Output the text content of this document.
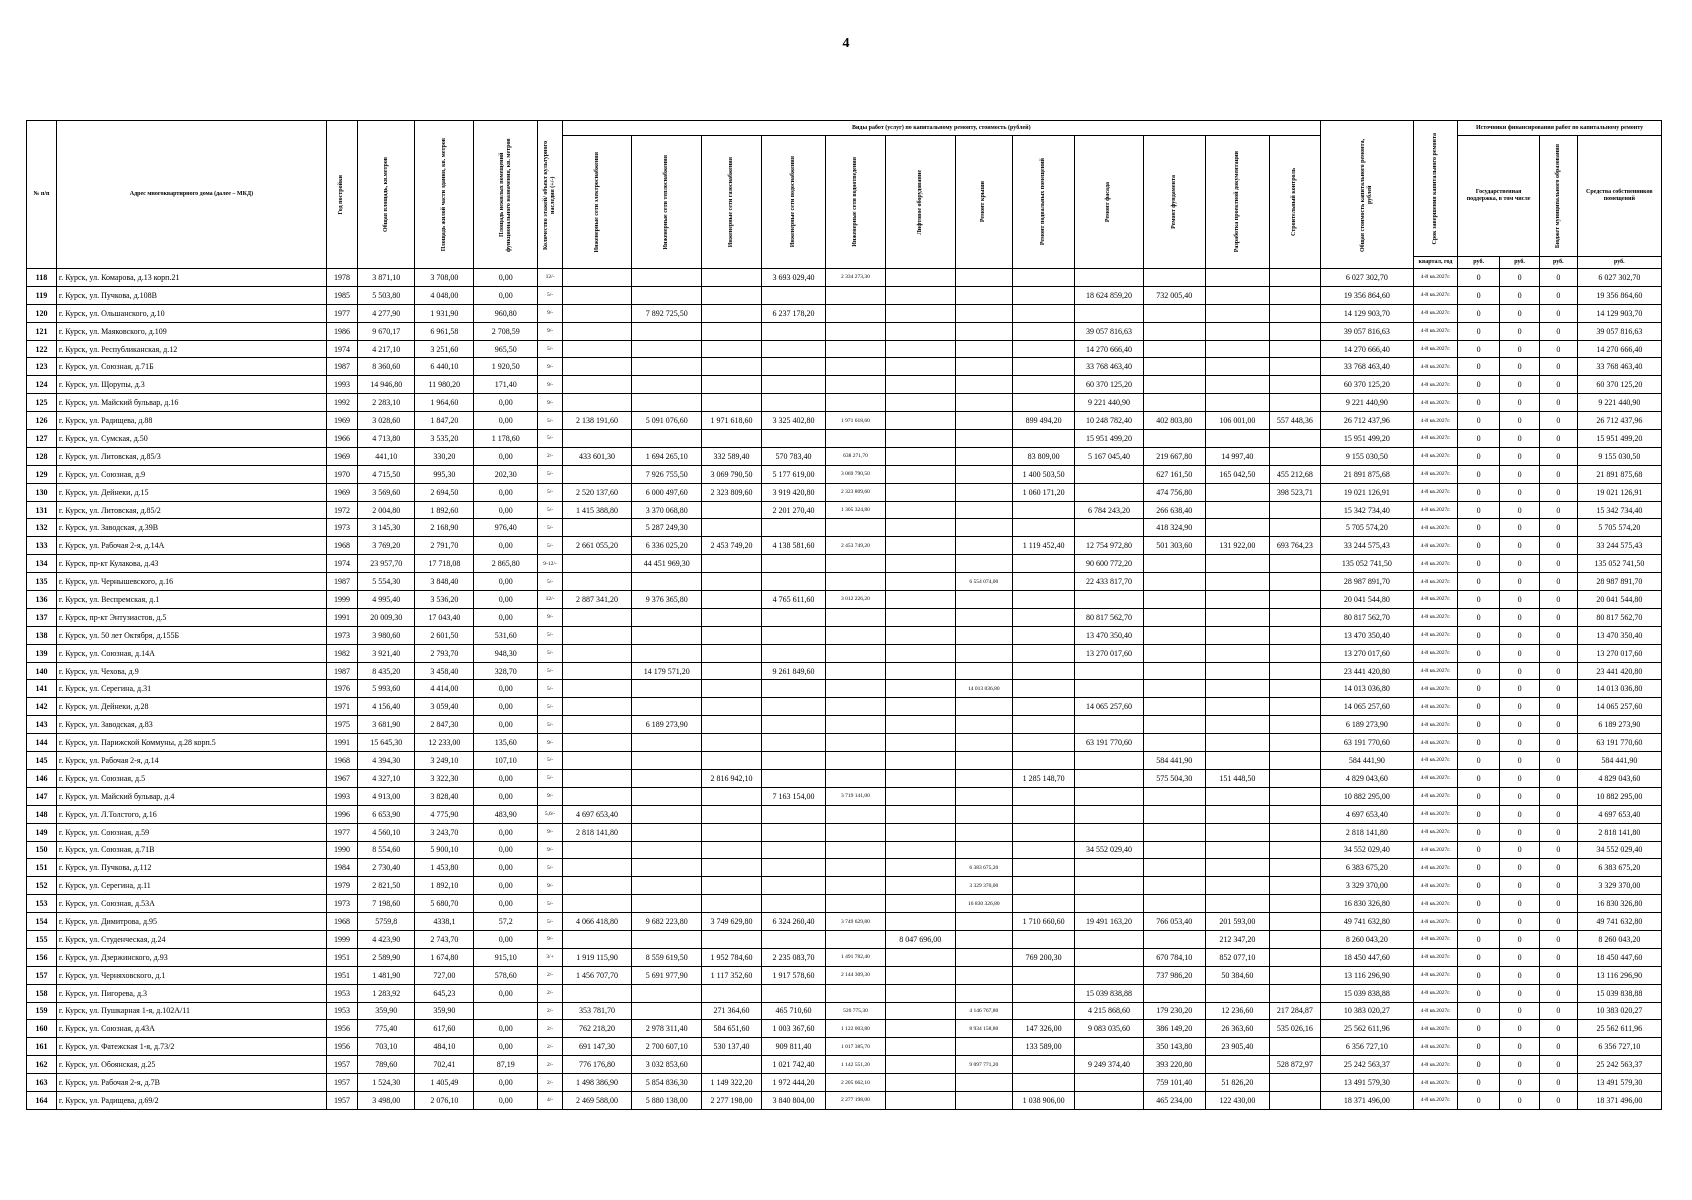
4
№ п/п	Адрес многоквартирного дома (далее – МКД)	Год постройки	Общая площадь, кв.метров	Площадь жилой части здания, кв. метров	Площадь нежилых помещений функционального назначения, кв. метров	Количество этажей/ объект культурного наследия (+/-)	Виды работ (услуг) по капитальному ремонту, стоимость (рублей)												Общая стоимость капитального ремонта, рублей	Срок завершения капитального ремонта	Источники финансирования работ по капитальному ремонту			

							Инженерные сети электроснабжения	Инженерные сети теплоснабжения	Инженерные сети газоснабжения	Инженерные сети водоснабжения	Инженерные сети водоотведения	Лифтовое оборудование	Ремонт крыши	Ремонт подвальных помещений	Ремонт фасада	Ремонт фундамента	Разработка проектной документации	Строительный контроль			Государственная поддержка, в том числе		Бюджет муниципального образования	Средства собственников помещений
																				квартал, год	руб.	руб.	руб.	руб.
118	г. Курск, ул. Комарова, д.13 корп.21	1978	3 871,10	3 708,00	0,00	12/-				3 693 029,40	2 334 273,30								6 027 302,70	4-й кв.2027г.	0	0	0	6 027 302,70
119	г. Курск, ул. Пучкова, д.108В	1985	5 503,80	4 048,00	0,00	5/-									18 624 859,20	732 005,40			19 356 864,60	4-й кв.2027г.	0	0	0	19 356 864,60
120	г. Курск, ул. Ольшанского, д.10	1977	4 277,90	1 931,90	960,80	9/-		7 892 725,50		6 237 178,20									14 129 903,70	4-й кв.2027г.	0	0	0	14 129 903,70
121	г. Курск, ул. Маяковского, д.109	1986	9 670,17	6 961,58	2 708,59	9/-									39 057 816,63				39 057 816,63	4-й кв.2027г.	0	0	0	39 057 816,63
122	г. Курск, ул. Республиканская, д.12	1974	4 217,10	3 251,60	965,50	5/-									14 270 666,40				14 270 666,40	4-й кв.2027г.	0	0	0	14 270 666,40
123	г. Курск, ул. Союзная, д.71Б	1987	8 360,60	6 440,10	1 920,50	9/-									33 768 463,40				33 768 463,40	4-й кв.2027г.	0	0	0	33 768 463,40
124	г. Курск, ул. Щорупы, д.3	1993	14 946,80	11 980,20	171,40	9/-									60 370 125,20				60 370 125,20	4-й кв.2027г.	0	0	0	60 370 125,20
125	г. Курск, ул. Майский бульвар, д.16	1992	2 283,10	1 964,60	0,00	9/-									9 221 440,90				9 221 440,90	4-й кв.2027г.	0	0	0	9 221 440,90
126	г. Курск, ул. Радищева, д.88	1969	3 028,60	1 847,20	0,00	5/-	2 138 191,60	5 091 076,60	1 971 618,60	3 325 402,80	1 971 618,60			899 494,20	10 248 782,40	402 803,80	106 001,00	557 448,36	26 712 437,96	4-й кв.2027г.	0	0	0	26 712 437,96
127	г. Курск, ул. Сумская, д.50	1966	4 713,80	3 535,20	1 178,60	5/-									15 951 499,20				15 951 499,20	4-й кв.2027г.	0	0	0	15 951 499,20
128	г. Курск, ул. Литовская, д.85/3	1969	441,10	330,20	0,00	2/-	433 601,30	1 694 265,10	332 589,40	570 783,40	638 271,70			83 809,00	5 167 045,40	219 667,80	14 997,40		9 155 030,50	4-й кв.2027г.	0	0	0	9 155 030,50
129	г. Курск, ул. Союзная, д.9	1970	4 715,50	995,30	202,30	5/-		7 926 755,50	3 069 790,50	5 177 619,00	3 069 790,50			1 400 503,50		627 161,50	165 042,50	455 212,68	21 891 875,68	4-й кв.2027г.	0	0	0	21 891 875,68
130	г. Курск, ул. Дейнеки, д.15	1969	3 569,60	2 694,50	0,00	5/-	2 520 137,60	6 000 497,60	2 323 809,60	3 919 420,80	2 323 809,60			1 060 171,20		474 756,80		398 523,71	19 021 126,91	4-й кв.2027г.	0	0	0	19 021 126,91
131	г. Курск, ул. Литовская, д.85/2	1972	2 004,80	1 892,60	0,00	5/-	1 415 388,80	3 370 068,80		2 201 270,40	1 305 324,80				6 784 243,20	266 638,40			15 342 734,40	4-й кв.2027г.	0	0	0	15 342 734,40
132	г. Курск, ул. Заводская, д.39В	1973	3 145,30	2 168,90	976,40	5/-		5 287 249,30								418 324,90			5 705 574,20	4-й кв.2027г.	0	0	0	5 705 574,20
133	г. Курск, ул. Рабочая 2-я, д.14А	1968	3 769,20	2 791,70	0,00	5/-	2 661 055,20	6 336 025,20	2 453 749,20	4 138 581,60	2 453 749,20			1 119 452,40	12 754 972,80	501 303,60	131 922,00	693 764,23	33 244 575,43	4-й кв.2027г.	0	0	0	33 244 575,43
134	г. Курск, пр-кт Кулакова, д.43	1974	23 957,70	17 718,08	2 865,80	9-12/-		44 451 969,30							90 600 772,20				135 052 741,50	4-й кв.2027г.	0	0	0	135 052 741,50
135	г. Курск, ул. Чернышевского, д.16	1987	5 554,30	3 848,40	0,00	5/-							6 554 074,00		22 433 817,70				28 987 891,70	4-й кв.2027г.	0	0	0	28 987 891,70
136	г. Курск, ул. Веспремская, д.1	1999	4 995,40	3 536,20	0,00	12/-	2 887 341,20	9 376 365,80		4 765 611,60	3 012 226,20								20 041 544,80	4-й кв.2027г.	0	0	0	20 041 544,80
137	г. Курск, пр-кт Энтузиастов, д.5	1991	20 009,30	17 043,40	0,00	9/-									80 817 562,70				80 817 562,70	4-й кв.2027г.	0	0	0	80 817 562,70
138	г. Курск, ул. 50 лет Октября, д.155Б	1973	3 980,60	2 601,50	531,60	5/-									13 470 350,40				13 470 350,40	4-й кв.2027г.	0	0	0	13 470 350,40
139	г. Курск, ул. Союзная, д.14А	1982	3 921,40	2 793,70	948,30	5/-									13 270 017,60				13 270 017,60	4-й кв.2027г.	0	0	0	13 270 017,60
140	г. Курск, ул. Чехова, д.9	1987	8 435,20	3 458,40	328,70	5/-		14 179 571,20		9 261 849,60									23 441 420,80	4-й кв.2027г.	0	0	0	23 441 420,80
141	г. Курск, ул. Серегина, д.31	1976	5 993,60	4 414,00	0,00	5/-							14 013 036,80						14 013 036,80	4-й кв.2027г.	0	0	0	14 013 036,80
142	г. Курск, ул. Дейнеки, д.28	1971	4 156,40	3 059,40	0,00	5/-									14 065 257,60				14 065 257,60	4-й кв.2027г.	0	0	0	14 065 257,60
143	г. Курск, ул. Заводская, д.83	1975	3 681,90	2 847,30	0,00	5/-		6 189 273,90											6 189 273,90	4-й кв.2027г.	0	0	0	6 189 273,90
144	г. Курск, ул. Парижской Коммуны, д.28 корп.5	1991	15 645,30	12 233,00	135,60	9/-									63 191 770,60				63 191 770,60	4-й кв.2027г.	0	0	0	63 191 770,60
145	г. Курск, ул. Рабочая 2-я, д.14	1968	4 394,30	3 249,10	107,10	5/-										584 441,90			584 441,90	4-й кв.2027г.	0	0	0	584 441,90
146	г. Курск, ул. Союзная, д.5	1967	4 327,10	3 322,30	0,00	5/-			2 816 942,10					1 285 148,70		575 504,30	151 448,50		4 829 043,60	4-й кв.2027г.	0	0	0	4 829 043,60
147	г. Курск, ул. Майский бульвар, д.4	1993	4 913,00	3 828,40	0,00	9/-				7 163 154,00	3 719 141,00								10 882 295,00	4-й кв.2027г.	0	0	0	10 882 295,00
148	г. Курск, ул. Л.Толстого, д.16	1996	6 653,90	4 775,90	483,90	5,6/-	4 697 653,40												4 697 653,40	4-й кв.2027г.	0	0	0	4 697 653,40
149	г. Курск, ул. Союзная, д.59	1977	4 560,10	3 243,70	0,00	9/-	2 818 141,80												2 818 141,80	4-й кв.2027г.	0	0	0	2 818 141,80
150	г. Курск, ул. Союзная, д.71В	1990	8 554,60	5 900,10	0,00	9/-									34 552 029,40				34 552 029,40	4-й кв.2027г.	0	0	0	34 552 029,40
151	г. Курск, ул. Пучкова, д.112	1984	2 730,40	1 453,80	0,00	5/-							6 383 675,20						6 383 675,20	4-й кв.2027г.	0	0	0	6 383 675,20
152	г. Курск, ул. Серегина, д.11	1979	2 821,50	1 892,10	0,00	9/-							3 329 370,00						3 329 370,00	4-й кв.2027г.	0	0	0	3 329 370,00
153	г. Курск, ул. Союзная, д.53А	1973	7 198,60	5 680,70	0,00	5/-							16 830 326,80						16 830 326,80	4-й кв.2027г.	0	0	0	16 830 326,80
154	г. Курск, ул. Димитрова, д.95	1968	5759,8	4338,1	57,2	5/-	4 066 418,80	9 682 223,80	3 749 629,80	6 324 260,40	3 749 629,80			1 710 660,60	19 491 163,20	766 053,40	201 593,00		49 741 632,80	4-й кв.2027г.	0	0	0	49 741 632,80
155	г. Курск, ул. Студенческая, д.24	1999	4 423,90	2 743,70	0,00	9/-						8 047 696,00					212 347,20		8 260 043,20	4-й кв.2027г.	0	0	0	8 260 043,20
156	г. Курск, ул. Дзержинского, д.93	1951	2 589,90	1 674,80	915,10	3/+	1 919 115,90	8 559 619,50	1 952 784,60	2 235 083,70	1 491 782,40			769 200,30		670 784,10	852 077,10		18 450 447,60	4-й кв.2027г.	0	0	0	18 450 447,60
157	г. Курск, ул. Черняховского, д.1	1951	1 481,90	727,00	578,60	2/-	1 456 707,70	5 691 977,90	1 117 352,60	1 917 578,60	2 144 309,30					737 986,20	50 384,60		13 116 296,90	4-й кв.2027г.	0	0	0	13 116 296,90
158	г. Курск, ул. Пигорева, д.3	1953	1 283,92	645,23	0,00	2/-									15 039 838,88				15 039 838,88	4-й кв.2027г.	0	0	0	15 039 838,88
159	г. Курск, ул. Пушкарная 1-я, д.102А/11	1953	359,90	359,90		2/-	353 781,70		271 364,60	465 710,60	520 775,30		4 146 767,80		4 215 868,60	179 230,20	12 236,60	217 284,87	10 383 020,27	4-й кв.2027г.	0	0	0	10 383 020,27
160	г. Курск, ул. Союзная, д.43А	1956	775,40	617,60	0,00	2/-	762 218,20	2 978 311,40	584 651,60	1 003 367,60	1 122 003,80		8 934 158,80	147 326,00	9 083 035,60	386 149,20	26 363,60	535 026,16	25 562 611,96	4-й кв.2027г.	0	0	0	25 562 611,96
161	г. Курск, ул. Фатежская 1-я, д.73/2	1956	703,10	484,10	0,00	2/-	691 147,30	2 700 607,10	530 137,40	909 811,40	1 017 385,70			133 589,00		350 143,80	23 905,40		6 356 727,10	4-й кв.2027г.	0	0	0	6 356 727,10
162	г. Курск, ул. Обоянская, д.25	1957	789,60	702,41	87,19	2/-	776 176,80	3 032 853,60		1 021 742,40	1 142 551,20		9 097 771,20		9 249 374,40	393 220,80		528 872,97	25 242 563,37	4-й кв.2027г.	0	0	0	25 242 563,37
163	г. Курск, ул. Рабочая 2-я, д.7В	1957	1 524,30	1 405,49	0,00	2/-	1 498 386,90	5 854 836,30	1 149 322,20	1 972 444,20	2 205 662,10					759 101,40	51 826,20		13 491 579,30	4-й кв.2027г.	0	0	0	13 491 579,30
164	г. Курск, ул. Радищева, д.69/2	1957	3 498,00	2 076,10	0,00	4/-	2 469 588,00	5 880 138,00	2 277 198,00	3 840 804,00	2 277 198,00			1 038 906,00		465 234,00	122 430,00		18 371 496,00	4-й кв.2027г.	0	0	0	18 371 496,00
